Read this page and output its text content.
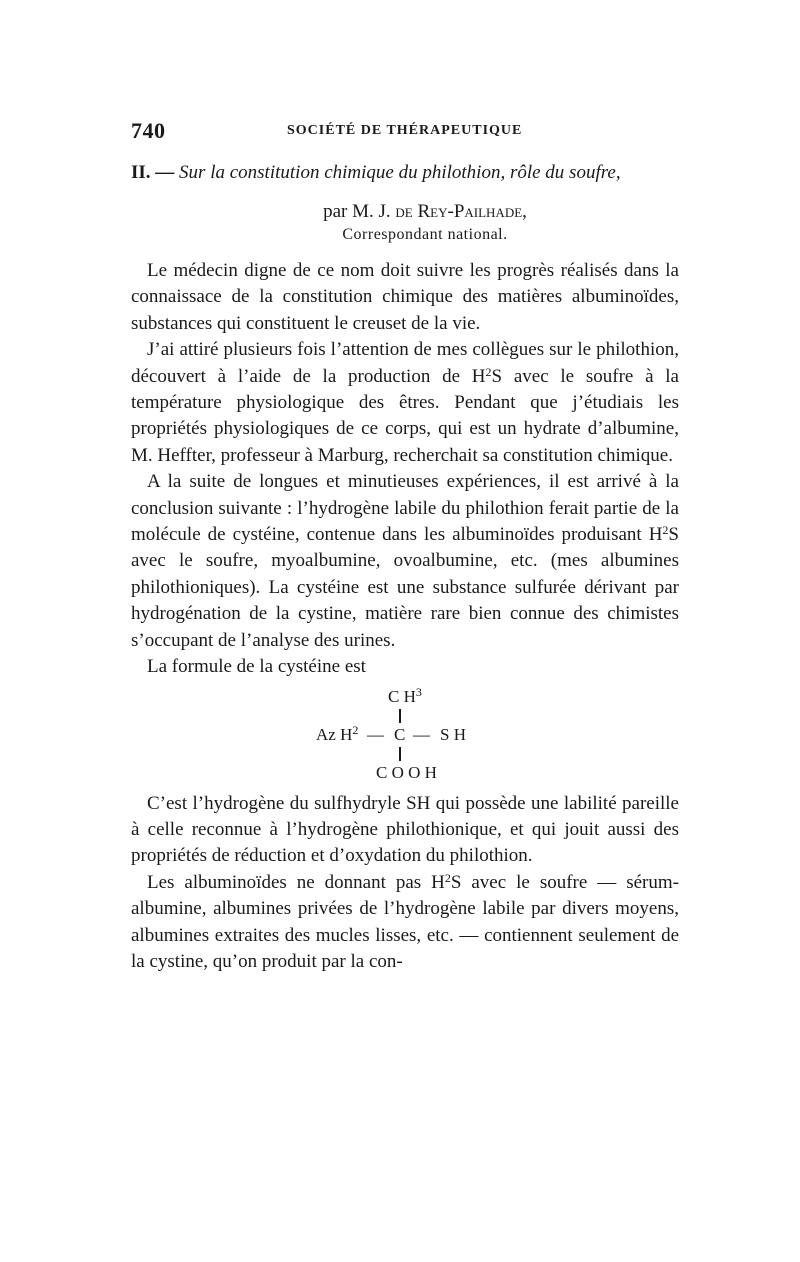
740	SOCIÉTÉ DE THÉRAPEUTIQUE
II. — Sur la constitution chimique du philothion, rôle du soufre,
par M. J. de Rey-Pailhade,
Correspondant national.

Le médecin digne de ce nom doit suivre les progrès réalisés dans la connaissace de la constitution chimique des matières albuminoïdes, substances qui constituent le creuset de la vie.

J’ai attiré plusieurs fois l’attention de mes collègues sur le philothion, découvert à l’aide de la production de $H^2S$ avec le soufre à la température physiologique des êtres. Pendant que j’étudiais les propriétés physiologiques de ce corps, qui est un hydrate d’albumine, M. Heffter, professeur à Marburg, recherchait sa constitution chimique.

A la suite de longues et minutieuses expériences, il est arrivé à la conclusion suivante : l’hydrogène labile du philothion ferait partie de la molécule de cystéine, contenue dans les albuminoïdes produisant $H^2S$ avec le soufre, myoalbumine, ovoalbumine, etc. (mes albumines philothioniques). La cystéine est une substance sulfurée dérivant par hydrogénation de la cystine, matière rare bien connue des chimistes s’occupant de l’analyse des urines.

La formule de la cystéine est

C $H^3$
Az $H^2$ — C — S H
C O O H

C’est l’hydrogène du sulfhydryle SH qui possède une labilité pareille à celle reconnue à l’hydrogène philothionique, et qui jouit aussi des propriétés de réduction et d’oxydation du philothion.

Les albuminoïdes ne donnant pas $H^2S$ avec le soufre — sérum-albumine, albumines privées de l’hydrogène labile par divers moyens, albumines extraites des mucles lisses, etc. — contiennent seulement de la cystine, qu’on produit par la con-
